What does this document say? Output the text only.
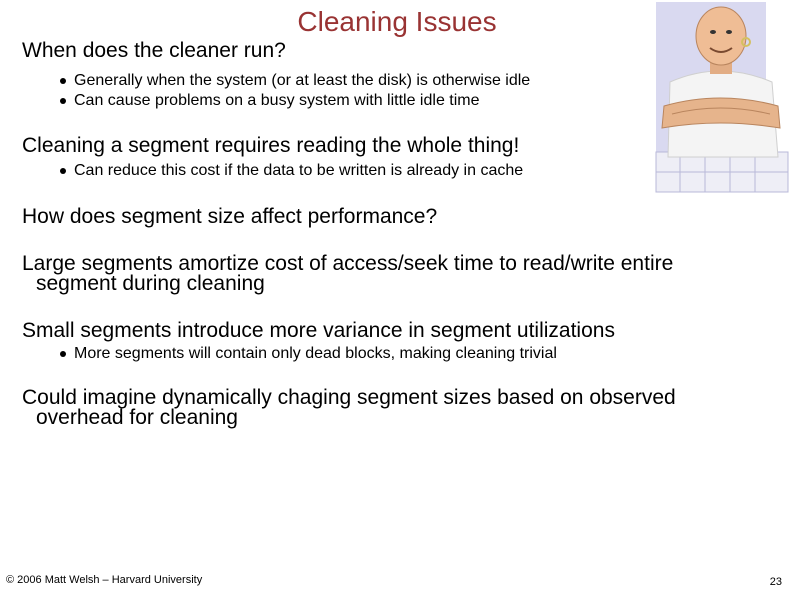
Cleaning Issues

When does the cleaner run?

Generally when the system (or at least the disk) is otherwise idle
Can cause problems on a busy system with little idle time

Cleaning a segment requires reading the whole thing!

Can reduce this cost if the data to be written is already in cache

How does segment size affect performance?

Large segments amortize cost of access/seek time to read/write entire
segment during cleaning

Small segments introduce more variance in segment utilizations

More segments will contain only dead blocks, making cleaning trivial

Could imagine dynamically chaging segment sizes based on observed
overhead for cleaning

© 2006 Matt Welsh – Harvard University	23
